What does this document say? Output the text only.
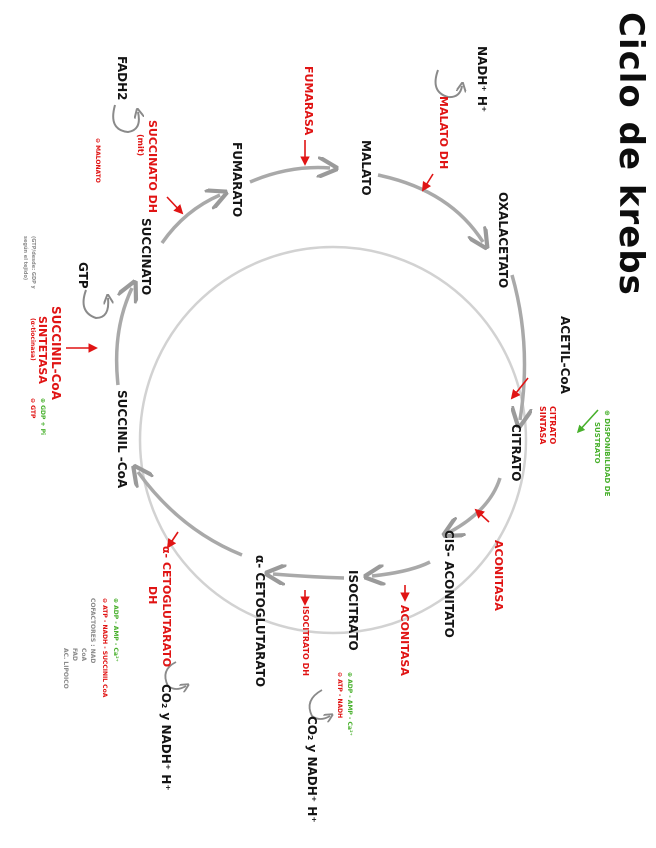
Ciclo de krebs
MALATO
OXALACETATO
ACETIL-CoA
CITRATO
CIS- ACONITATO
ISOCITRATO
α- CETOGLUTARATO
SUCCINIL -CoA
SUCCINATO
FUMARATO
MALATO DH
FUMARASA
SUCCINATO DH
(mit)
CITRATO
SINTASA
ACONITASA
ACONITASA
ISOCITRATO DH
α- CETOGLUTARATO
DH
SUCCINIL-CoA
SINTETASA
(α-tiocinasa)
NADH⁺ H⁺
FADH2
GTP
CO₂ y NADH⁺ H⁺
CO₂ y NADH⁺ H⁺
⊖ MALONATO
⊕ DISPONIBILIDAD DE
SUSTRATO
⊕ ADP - AMP - Ca²⁺
⊖ ATP - NADH
⊕ ADP - AMP - Ca²⁺
⊖ ATP - NADH - SUCCINIL CoA
COFACTORES : NAD
CoA
FAD
AC. LIPOICO
⊕ GDP + Pi
⊖ GTP
(GTP/desde: GDP y
según el tejido)
